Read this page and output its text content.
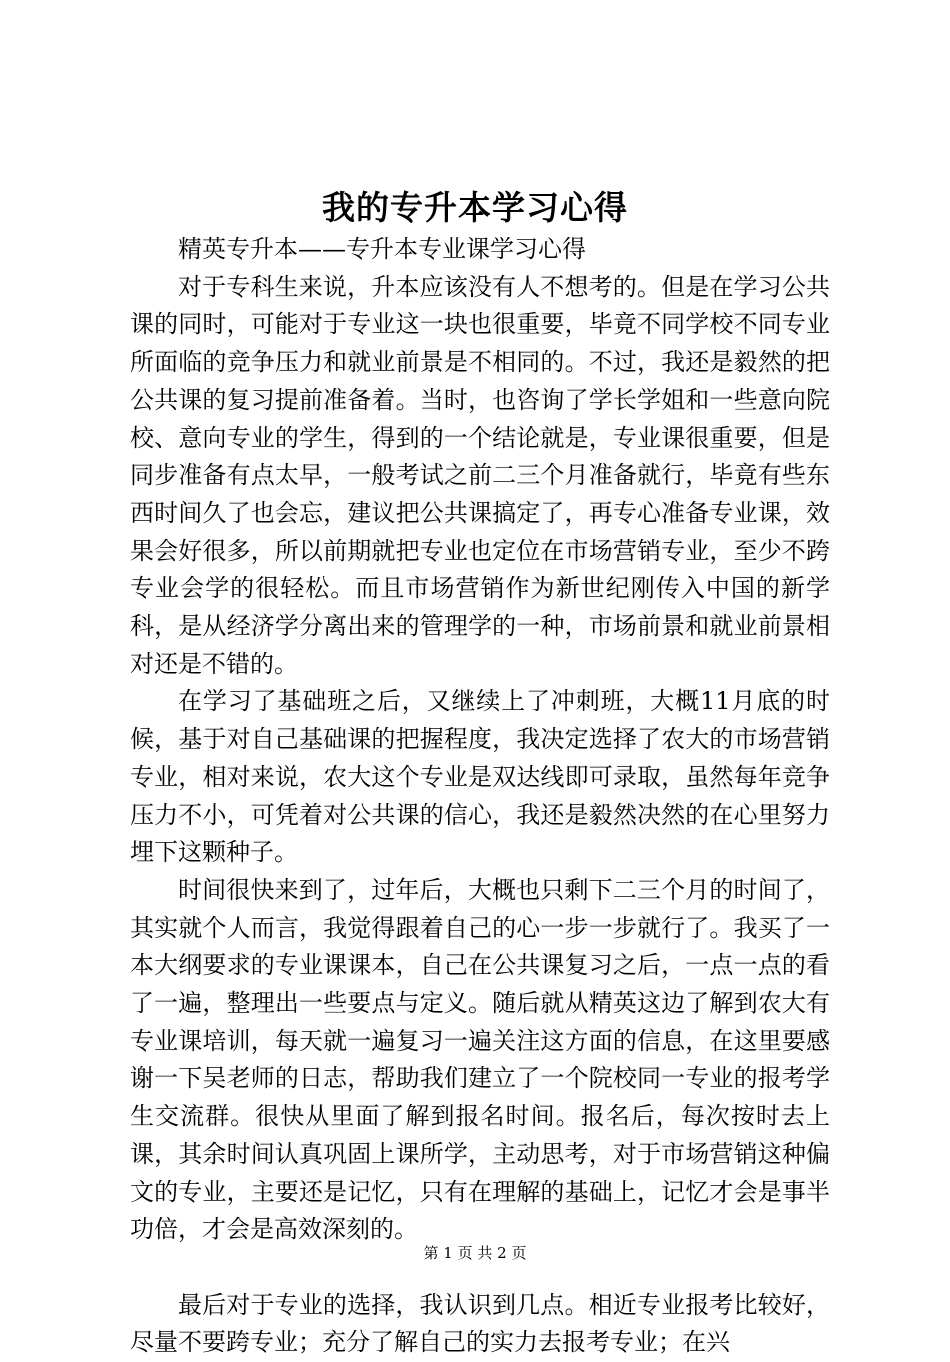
我的专升本学习心得

精英专升本——专升本专业课学习心得

对于专科生来说，升本应该没有人不想考的。但是在学习公共课的同时，可能对于专业这一块也很重要，毕竟不同学校不同专业所面临的竞争压力和就业前景是不相同的。不过，我还是毅然的把公共课的复习提前准备着。当时，也咨询了学长学姐和一些意向院校、意向专业的学生，得到的一个结论就是，专业课很重要，但是同步准备有点太早，一般考试之前二三个月准备就行，毕竟有些东西时间久了也会忘，建议把公共课搞定了，再专心准备专业课，效果会好很多，所以前期就把专业也定位在市场营销专业，至少不跨专业会学的很轻松。而且市场营销作为新世纪刚传入中国的新学科，是从经济学分离出来的管理学的一种，市场前景和就业前景相对还是不错的。

在学习了基础班之后，又继续上了冲刺班，大概11月底的时候，基于对自己基础课的把握程度，我决定选择了农大的市场营销专业，相对来说，农大这个专业是双达线即可录取，虽然每年竞争压力不小，可凭着对公共课的信心，我还是毅然决然的在心里努力埋下这颗种子。

时间很快来到了，过年后，大概也只剩下二三个月的时间了，其实就个人而言，我觉得跟着自己的心一步一步就行了。我买了一本大纲要求的专业课课本，自己在公共课复习之后，一点一点的看了一遍，整理出一些要点与定义。随后就从精英这边了解到农大有专业课培训，每天就一遍复习一遍关注这方面的信息，在这里要感谢一下吴老师的日志，帮助我们建立了一个院校同一专业的报考学生交流群。很快从里面了解到报名时间。报名后，每次按时去上课，其余时间认真巩固上课所学，主动思考，对于市场营销这种偏文的专业，主要还是记忆，只有在理解的基础上，记忆才会是事半功倍，才会是高效深刻的。

最后对于专业的选择，我认识到几点。相近专业报考比较好，尽量不要跨专业；充分了解自己的实力去报考专业；在兴

第 1 页 共 2 页
